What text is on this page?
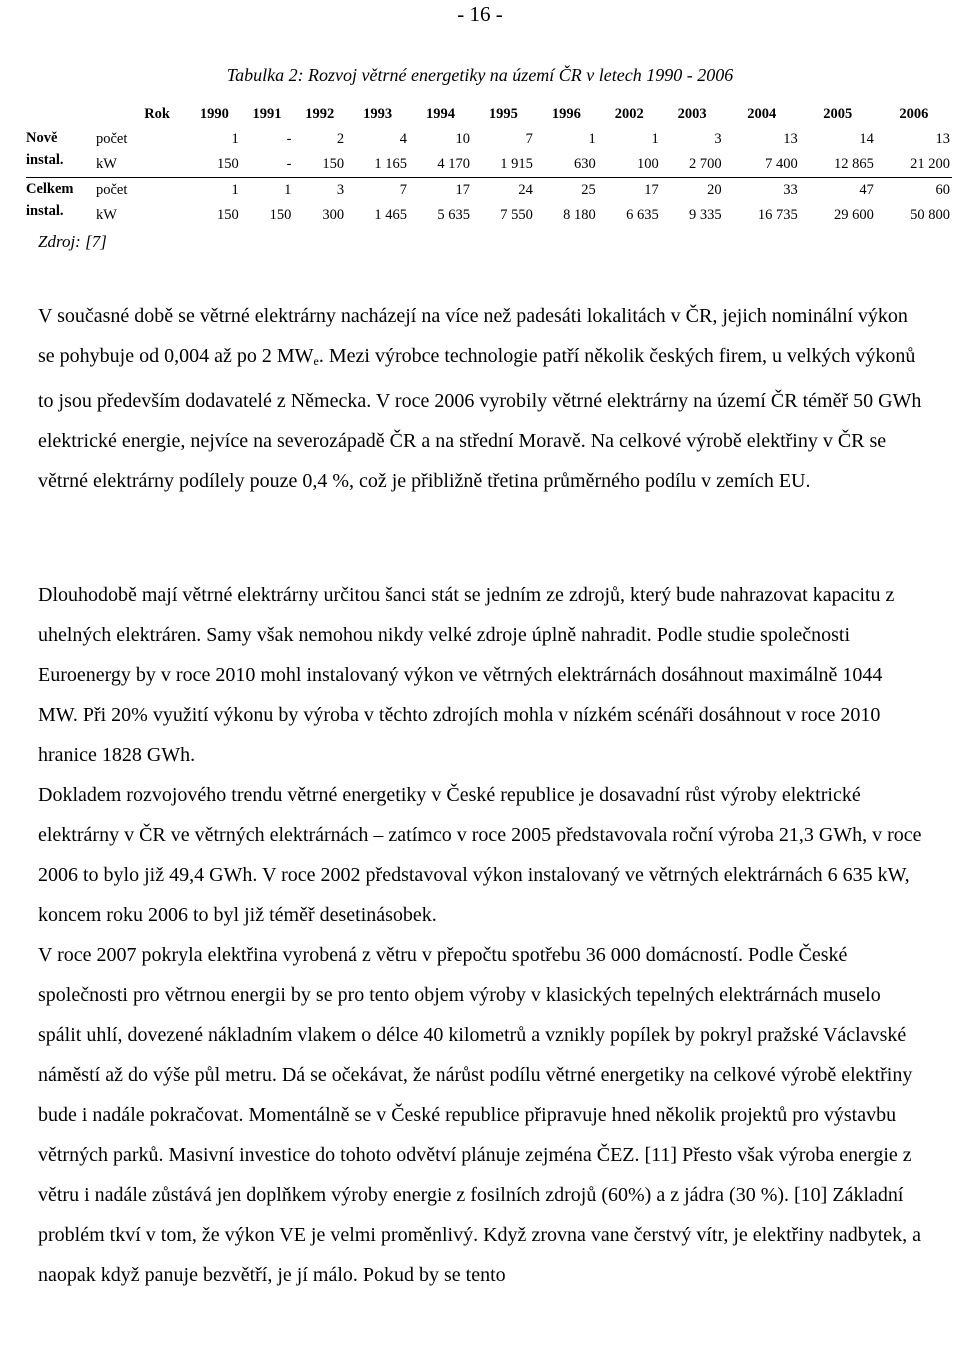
- 16 -
Tabulka 2: Rozvoj větrné energetiky na území ČR v letech 1990 - 2006
Rok		1990	1991	1992	1993	1994	1995	1996	2002	2003	2004	2005	2006
Nově
instal.	počet	1	-	2	4	10	7	1	1	3	13	14	13
	kW	150	-	150	1 165	4 170	1 915	630	100	2 700	7 400	12 865	21 200
Celkem
instal.	počet	1	1	3	7	17	24	25	17	20	33	47	60
	kW	150	150	300	1 465	5 635	7 550	8 180	6 635	9 335	16 735	29 600	50 800
Zdroj: [7]

V současné době se větrné elektrárny nacházejí na více než padesáti lokalitách v ČR, jejich nominální výkon se pohybuje od 0,004 až po 2 $MW_e$. Mezi výrobce technologie patří několik českých firem, u velkých výkonů to jsou především dodavatelé z Německa. V roce 2006 vyrobily větrné elektrárny na území ČR téměř 50 GWh elektrické energie, nejvíce na severozápadě ČR a na střední Moravě. Na celkové výrobě elektřiny v ČR se větrné elektrárny podílely pouze 0,4 %, což je přibližně třetina průměrného podílu v zemích EU.

Dlouhodobě mají větrné elektrárny určitou šanci stát se jedním ze zdrojů, který bude nahrazovat kapacitu z uhelných elektráren. Samy však nemohou nikdy velké zdroje úplně nahradit. Podle studie společnosti Euroenergy by v roce 2010 mohl instalovaný výkon ve větrných elektrárnách dosáhnout maximálně 1044 MW. Při 20% využití výkonu by výroba v těchto zdrojích mohla v nízkém scénáři dosáhnout v roce 2010 hranice 1828 GWh.

Dokladem rozvojového trendu větrné energetiky v České republice je dosavadní růst výroby elektrické elektrárny v ČR ve větrných elektrárnách – zatímco v roce 2005 představovala roční výroba 21,3 GWh, v roce 2006 to bylo již 49,4 GWh. V roce 2002 představoval výkon instalovaný ve větrných elektrárnách 6 635 kW, koncem roku 2006 to byl již téměř desetinásobek.

V roce 2007 pokryla elektřina vyrobená z větru v přepočtu spotřebu 36 000 domácností. Podle České společnosti pro větrnou energii by se pro tento objem výroby v klasických tepelných elektrárnách muselo spálit uhlí, dovezené nákladním vlakem o délce 40 kilometrů a vznikly popílek by pokryl pražské Václavské náměstí až do výše půl metru. Dá se očekávat, že nárůst podílu větrné energetiky na celkové výrobě elektřiny bude i nadále pokračovat. Momentálně se v České republice připravuje hned několik projektů pro výstavbu větrných parků. Masivní investice do tohoto odvětví plánuje zejména ČEZ. [11] Přesto však výroba energie z větru i nadále zůstává jen doplňkem výroby energie z fosilních zdrojů (60%) a z jádra (30 %). [10] Základní problém tkví v tom, že výkon VE je velmi proměnlivý. Když zrovna vane čerstvý vítr, je elektřiny nadbytek, a naopak když panuje bezvětří, je jí málo. Pokud by se tento
